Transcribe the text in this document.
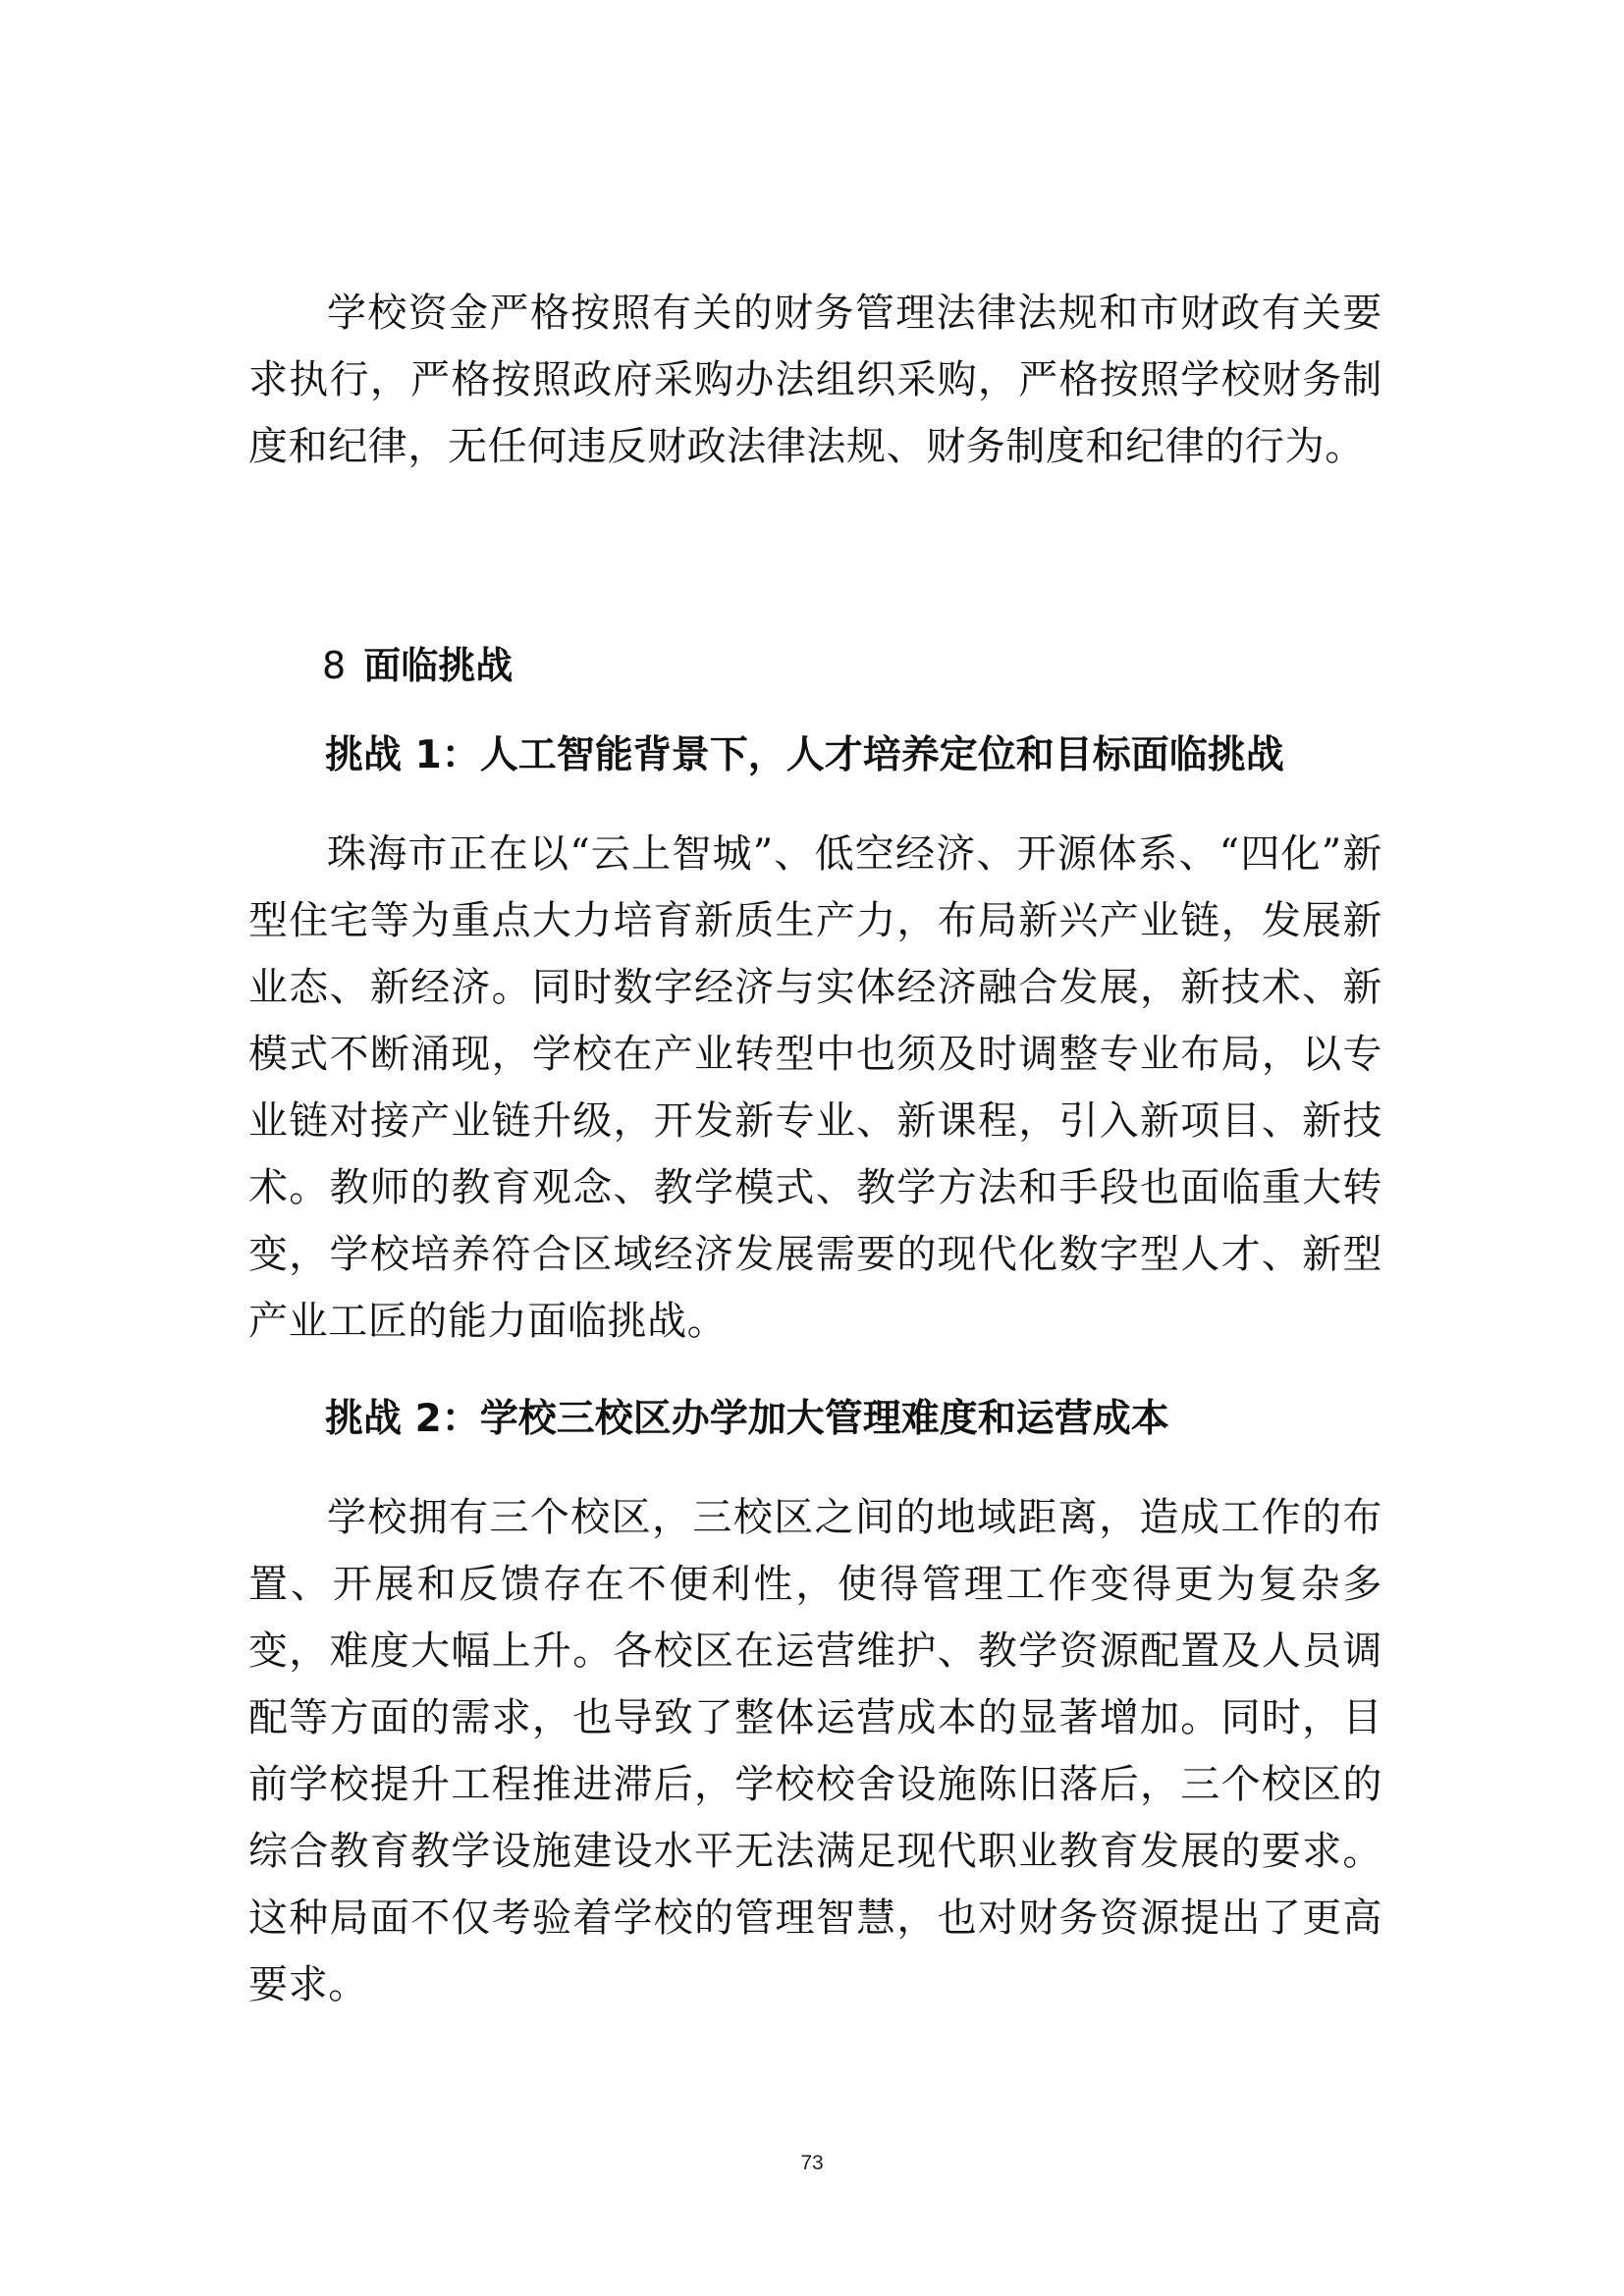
学校资金严格按照有关的财务管理法律法规和市财政有关要求执行，严格按照政府采购办法组织采购，严格按照学校财务制度和纪律，无任何违反财政法律法规、财务制度和纪律的行为。

8 面临挑战
挑战 1：人工智能背景下，人才培养定位和目标面临挑战

珠海市正在以“云上智城”、低空经济、开源体系、“四化”新型住宅等为重点大力培育新质生产力，布局新兴产业链，发展新业态、新经济。同时数字经济与实体经济融合发展，新技术、新模式不断涌现，学校在产业转型中也须及时调整专业布局，以专业链对接产业链升级，开发新专业、新课程，引入新项目、新技术。教师的教育观念、教学模式、教学方法和手段也面临重大转变，学校培养符合区域经济发展需要的现代化数字型人才、新型产业工匠的能力面临挑战。

挑战 2：学校三校区办学加大管理难度和运营成本

学校拥有三个校区，三校区之间的地域距离，造成工作的布置、开展和反馈存在不便利性，使得管理工作变得更为复杂多变，难度大幅上升。各校区在运营维护、教学资源配置及人员调配等方面的需求，也导致了整体运营成本的显著增加。同时，目前学校提升工程推进滞后，学校校舍设施陈旧落后，三个校区的综合教育教学设施建设水平无法满足现代职业教育发展的要求。这种局面不仅考验着学校的管理智慧，也对财务资源提出了更高要求。

73
